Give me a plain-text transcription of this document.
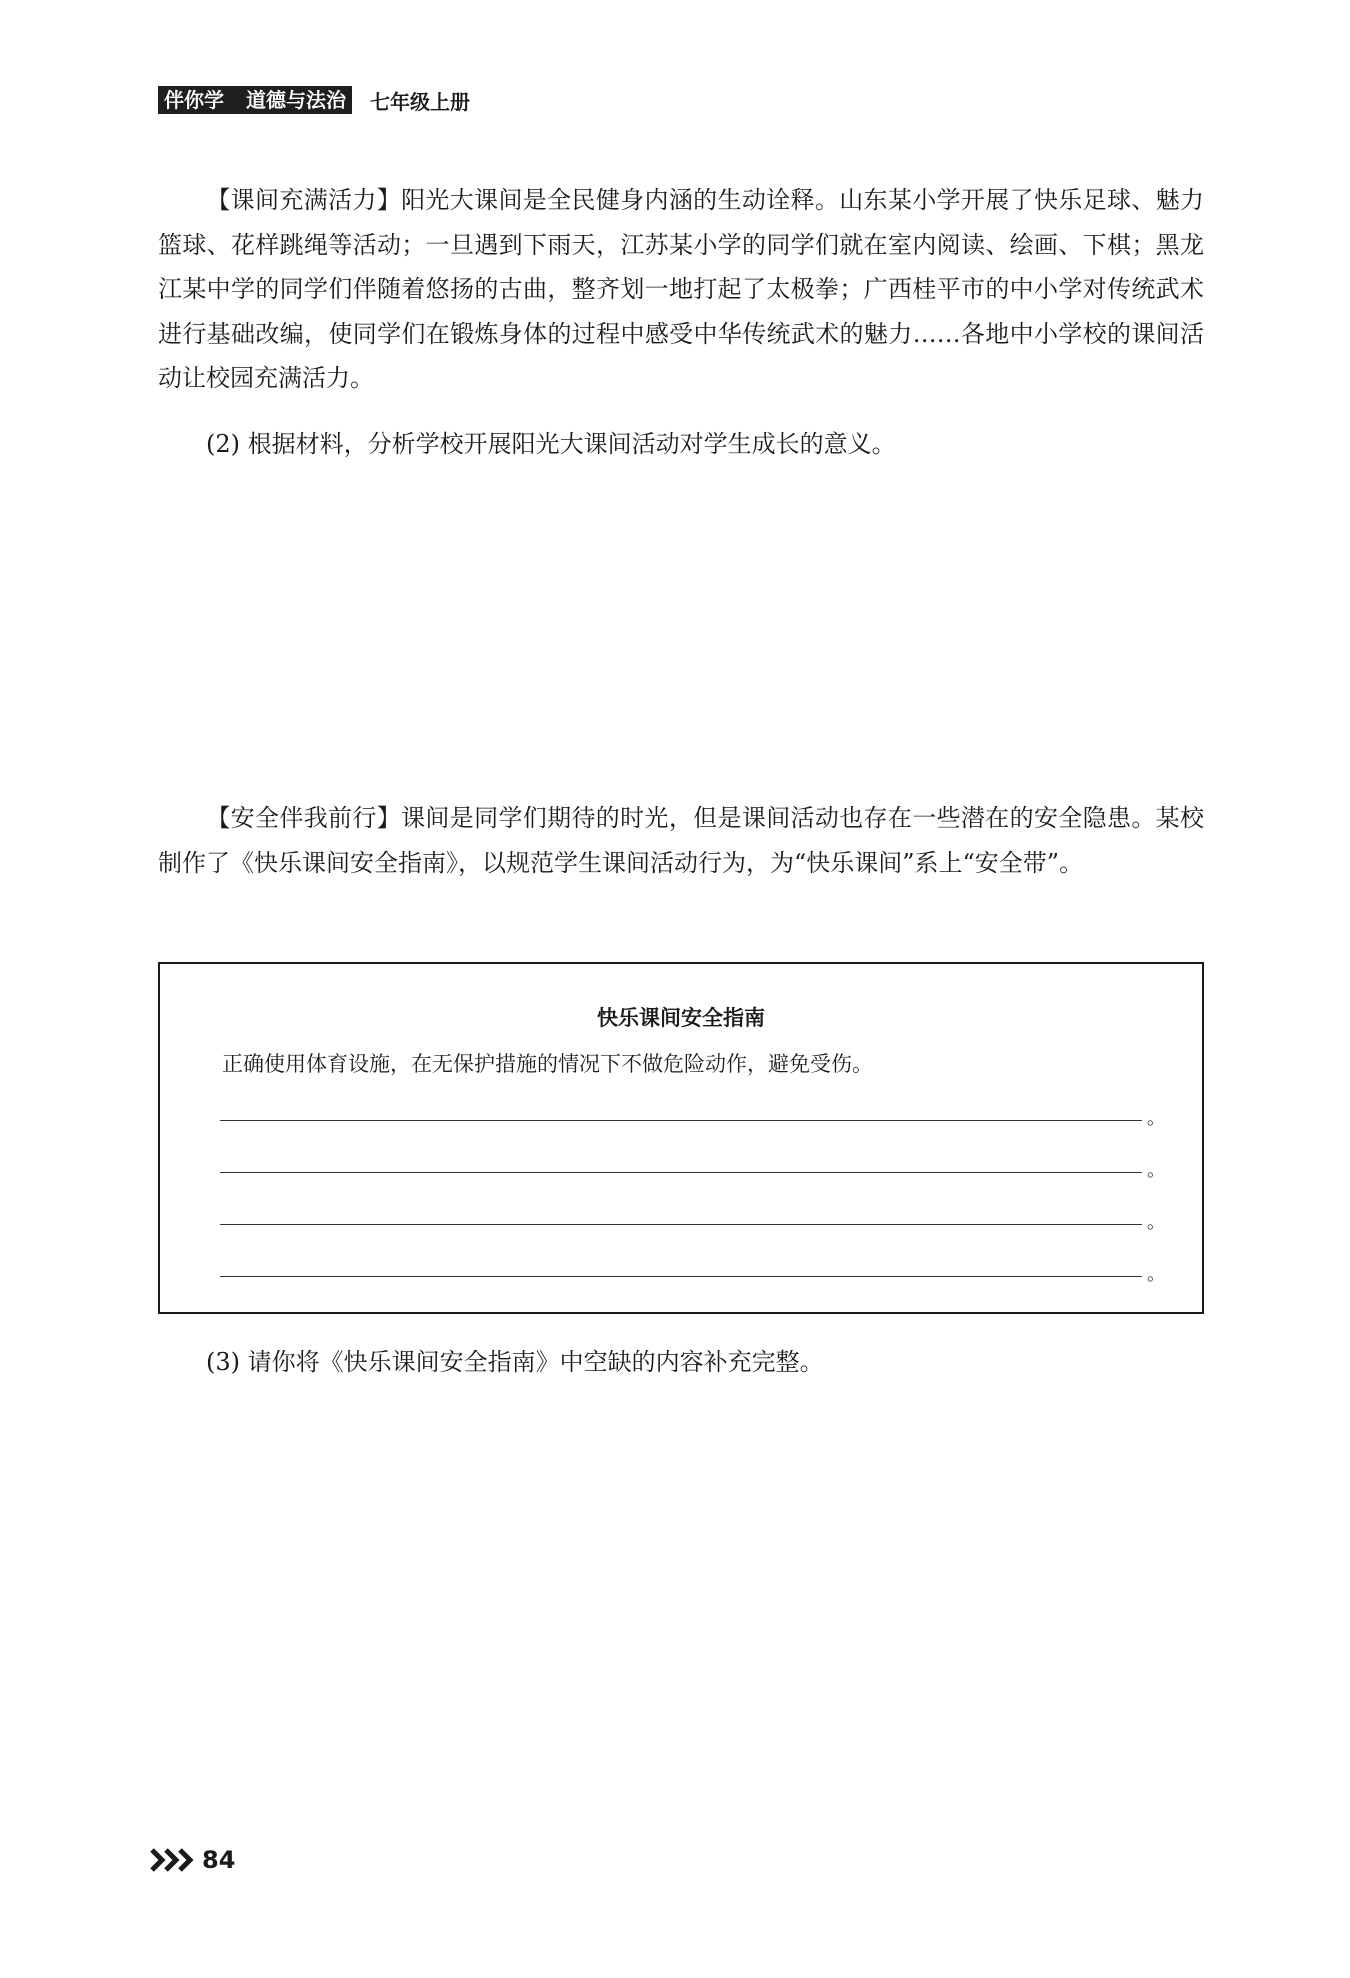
伴你学 道德与法治 七年级上册

【课间充满活力】阳光大课间是全民健身内涵的生动诠释。山东某小学开展了快乐足球、魅力篮球、花样跳绳等活动；一旦遇到下雨天，江苏某小学的同学们就在室内阅读、绘画、下棋；黑龙江某中学的同学们伴随着悠扬的古曲，整齐划一地打起了太极拳；广西桂平市的中小学对传统武术进行基础改编，使同学们在锻炼身体的过程中感受中华传统武术的魅力……各地中小学校的课间活动让校园充满活力。

(2) 根据材料，分析学校开展阳光大课间活动对学生成长的意义。

【安全伴我前行】课间是同学们期待的时光，但是课间活动也存在一些潜在的安全隐患。某校制作了《快乐课间安全指南》，以规范学生课间活动行为，为“快乐课间”系上“安全带”。

快乐课间安全指南

正确使用体育设施，在无保护措施的情况下不做危险动作，避免受伤。

。
。
。
。

(3) 请你将《快乐课间安全指南》中空缺的内容补充完整。

84
